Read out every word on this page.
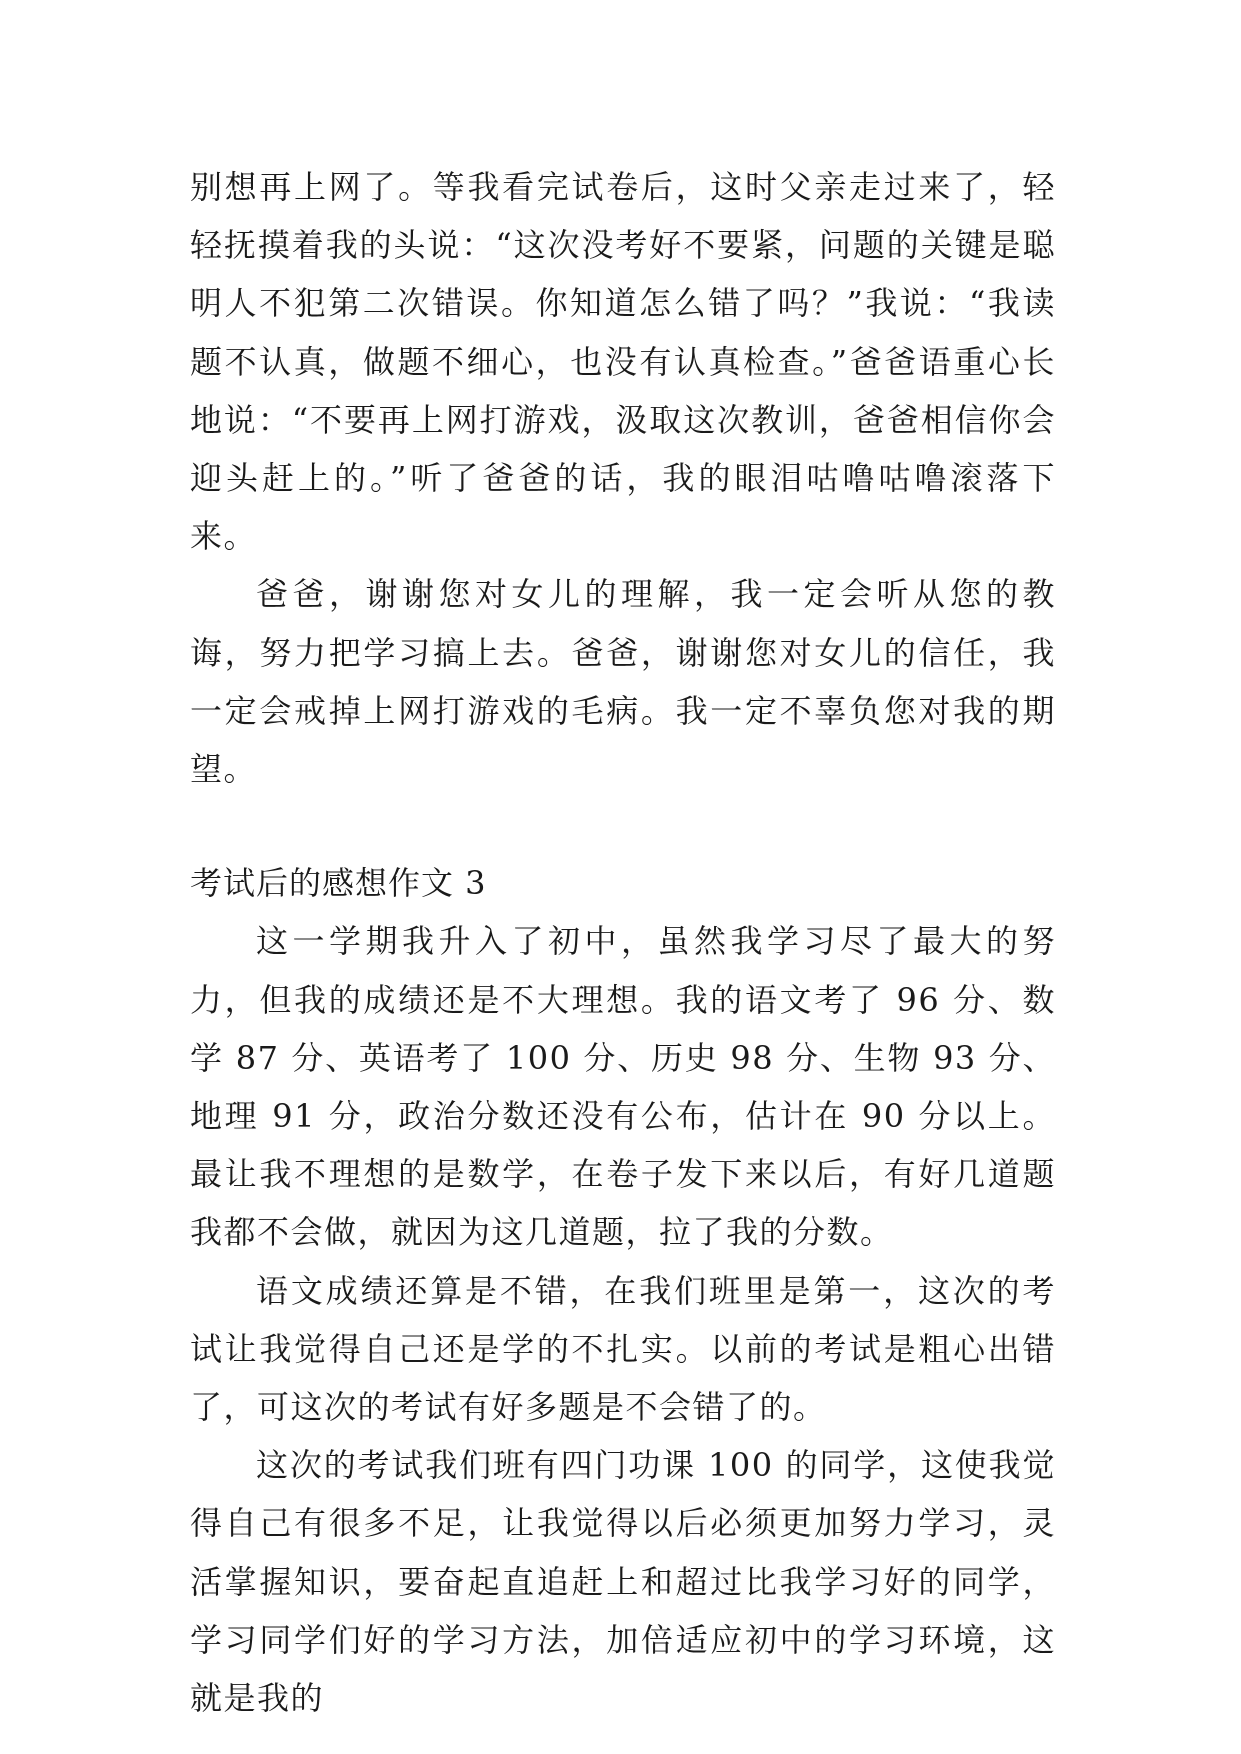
别想再上网了。等我看完试卷后，这时父亲走过来了，轻轻抚摸着我的头说：“这次没考好不要紧，问题的关键是聪明人不犯第二次错误。你知道怎么错了吗？”我说：“我读题不认真，做题不细心，也没有认真检查。”爸爸语重心长地说：“不要再上网打游戏，汲取这次教训，爸爸相信你会迎头赶上的。”听了爸爸的话，我的眼泪咕噜咕噜滚落下来。

爸爸，谢谢您对女儿的理解，我一定会听从您的教诲，努力把学习搞上去。爸爸，谢谢您对女儿的信任，我一定会戒掉上网打游戏的毛病。我一定不辜负您对我的期望。

考试后的感想作文 3

这一学期我升入了初中，虽然我学习尽了最大的努力，但我的成绩还是不大理想。我的语文考了 96 分、数学 87 分、英语考了 100 分、历史 98 分、生物 93 分、地理 91 分，政治分数还没有公布，估计在 90 分以上。最让我不理想的是数学，在卷子发下来以后，有好几道题我都不会做，就因为这几道题，拉了我的分数。

语文成绩还算是不错，在我们班里是第一，这次的考试让我觉得自己还是学的不扎实。以前的考试是粗心出错了，可这次的考试有好多题是不会错了的。

这次的考试我们班有四门功课 100 的同学，这使我觉得自己有很多不足，让我觉得以后必须更加努力学习，灵活掌握知识，要奋起直追赶上和超过比我学习好的同学，学习同学们好的学习方法，加倍适应初中的学习环境，这就是我的
